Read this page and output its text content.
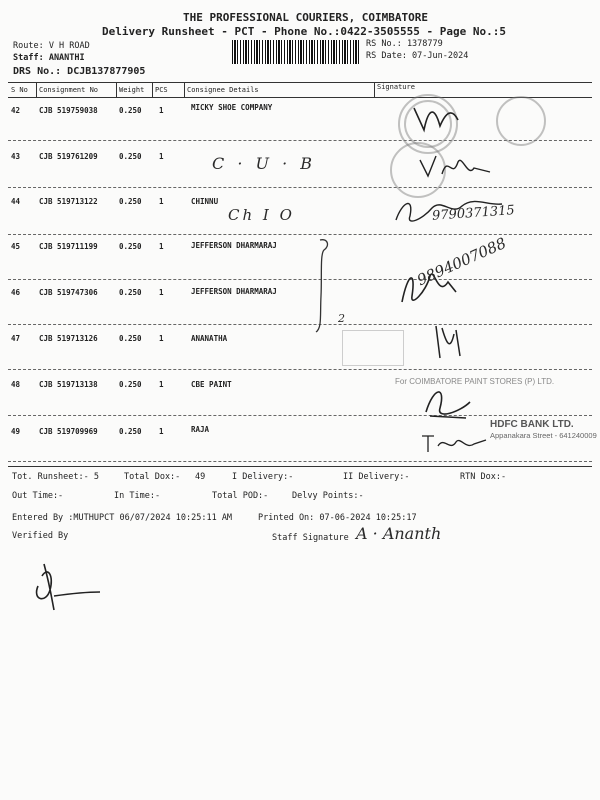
THE PROFESSIONAL COURIERS, COIMBATORE
Delivery Runsheet - PCT - Phone No.:0422-3505555 - Page No.:5
Route: V H ROAD
Staff: ANANTHI
DRS No.: DCJB137877905
RS No.: 1378779
RS Date: 07-Jun-2024
S No Consignment No	Weight PCS	Consignee Details	Signature
42	CJB 519759038	0.250 1	MICKY SHOE COMPANY
43	CJB 519761209	0.250 1
44	CJB 519713122	0.250 1	CHINNU
45	CJB 519711199	0.250 1	JEFFERSON DHARMARAJ
46	CJB 519747306	0.250 1	JEFFERSON DHARMARAJ
47	CJB 519713126	0.250 1	ANANATHA
48	CJB 519713138	0.250 1	CBE PAINT
49	CJB 519709969	0.250 1	RAJA
C · U · B
Ch I O
2
For COIMBATORE PAINT STORES (P) LTD.
HDFC BANK LTD.
Appanakara Street - 641240009
9790371315
9894007088
Tot. Runsheet:- 5	Total Dox:- 49	I Delivery:-	II Delivery:-	RTN Dox:-
Out Time:-	In Time:-	Total POD:-	Delvy Points:-
Entered By :MUTHUPCT 06/07/2024 10:25:11 AM	Printed On: 07-06-2024 10:25:17
Verified By	Staff Signature A · Ananth
